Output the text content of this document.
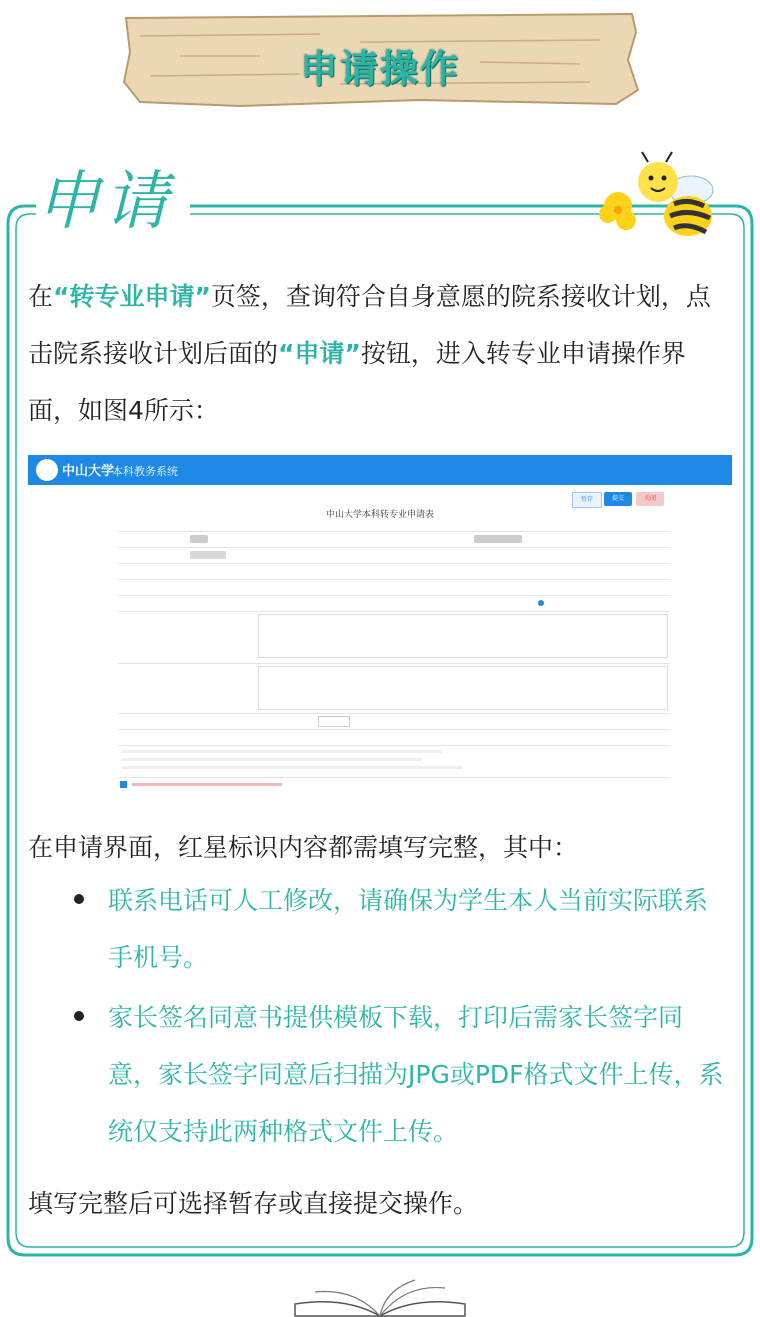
申请操作
申请
在“转专业申请”页签，查询符合自身意愿的院系接收计划，点击院系接收计划后面的“申请”按钮，进入转专业申请操作界面，如图4所示：
中山大学
本科教务系统
暂存	提交	关闭
中山大学本科转专业申请表
在申请界面，红星标识内容都需填写完整，其中：
联系电话可人工修改，请确保为学生本人当前实际联系手机号。
家长签名同意书提供模板下载，打印后需家长签字同意，家长签字同意后扫描为JPG或PDF格式文件上传，系统仅支持此两种格式文件上传。
填写完整后可选择暂存或直接提交操作。
